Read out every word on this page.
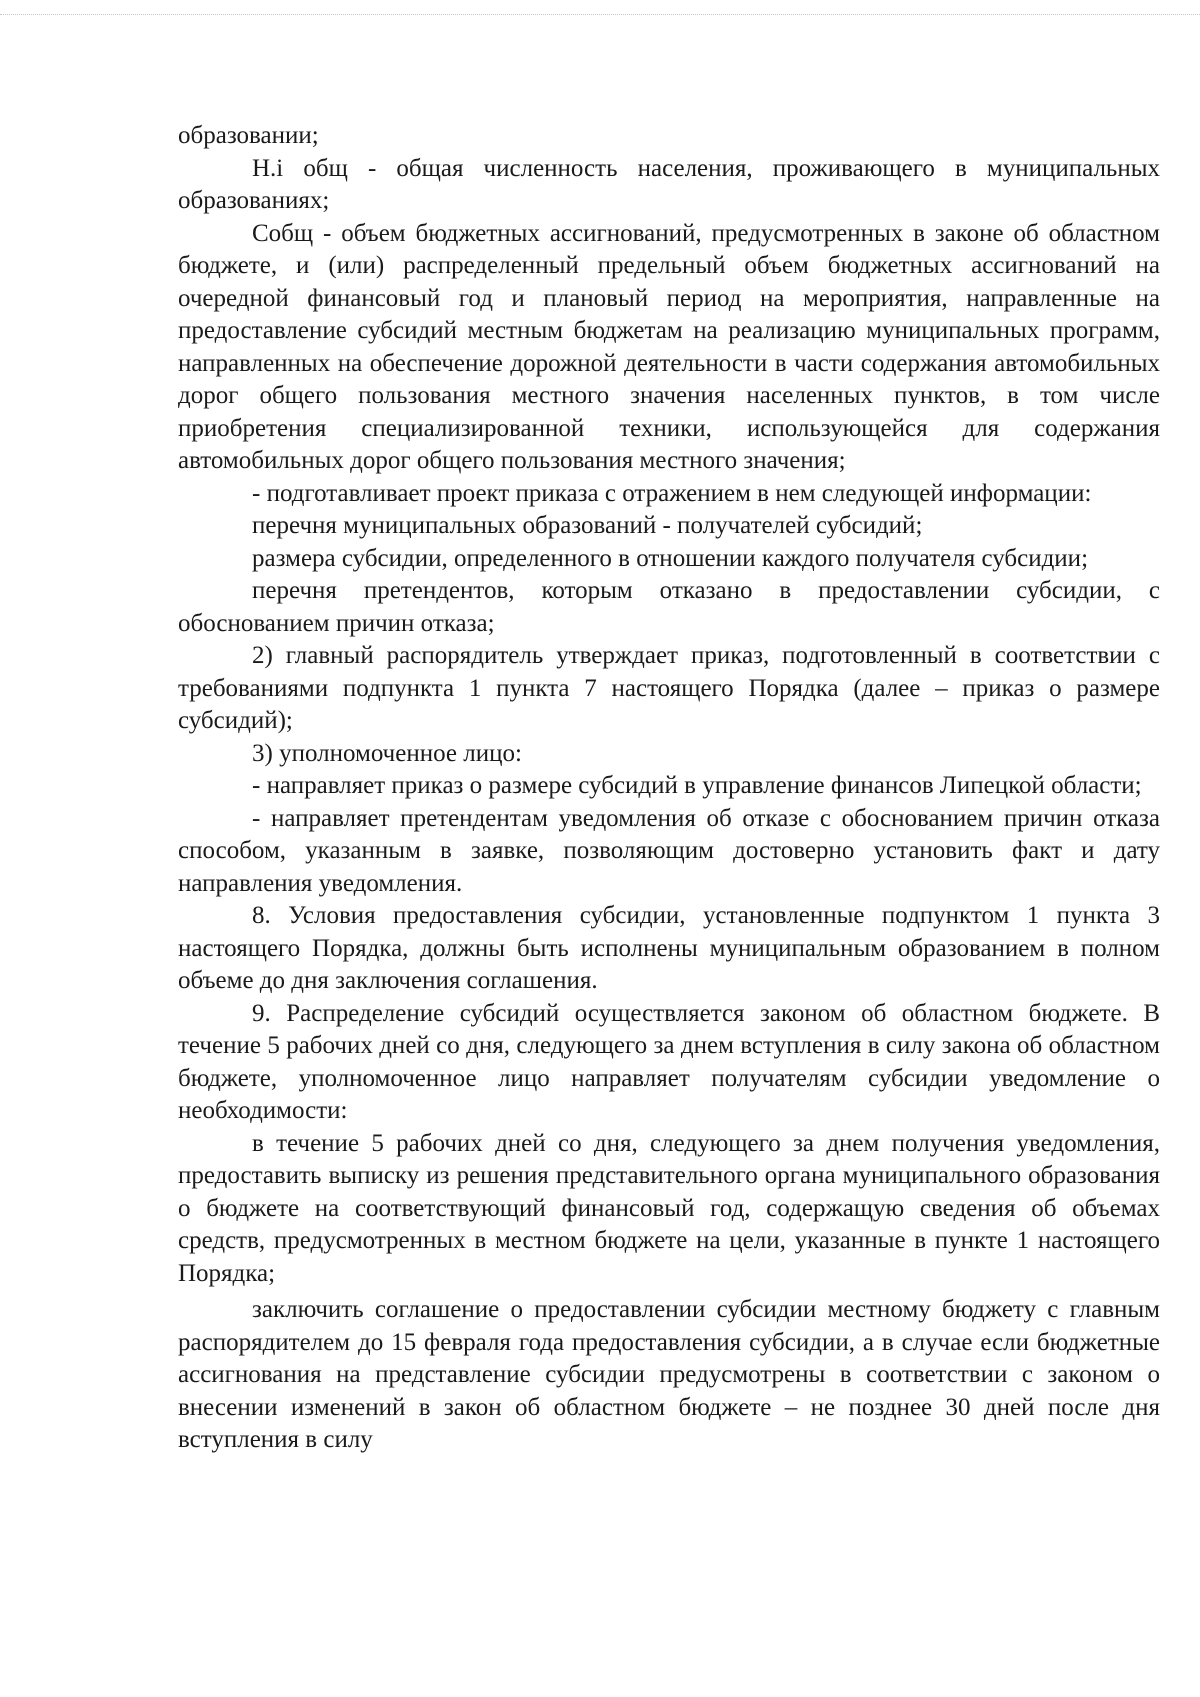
образовании;

H.i общ - общая численность населения, проживающего в муниципальных образованиях;

Собщ - объем бюджетных ассигнований, предусмотренных в законе об областном бюджете, и (или) распределенный предельный объем бюджетных ассигнований на очередной финансовый год и плановый период на мероприятия, направленные на предоставление субсидий местным бюджетам на реализацию муниципальных программ, направленных на обеспечение дорожной деятельности в части содержания автомобильных дорог общего пользования местного значения населенных пунктов, в том числе приобретения специализированной техники, использующейся для содержания автомобильных дорог общего пользования местного значения;

- подготавливает проект приказа с отражением в нем следующей информации:

перечня муниципальных образований - получателей субсидий;

размера субсидии, определенного в отношении каждого получателя субсидии;

перечня претендентов, которым отказано в предоставлении субсидии, с обоснованием причин отказа;

2) главный распорядитель утверждает приказ, подготовленный в соответствии с требованиями подпункта 1 пункта 7 настоящего Порядка (далее – приказ о размере субсидий);

3) уполномоченное лицо:

- направляет приказ о размере субсидий в управление финансов Липецкой области;

- направляет претендентам уведомления об отказе с обоснованием причин отказа способом, указанным в заявке, позволяющим достоверно установить факт и дату направления уведомления.

8. Условия предоставления субсидии, установленные подпунктом 1 пункта 3 настоящего Порядка, должны быть исполнены муниципальным образованием в полном объеме до дня заключения соглашения.

9. Распределение субсидий осуществляется законом об областном бюджете. В течение 5 рабочих дней со дня, следующего за днем вступления в силу закона об областном бюджете, уполномоченное лицо направляет получателям субсидии уведомление о необходимости:

в течение 5 рабочих дней со дня, следующего за днем получения уведомления, предоставить выписку из решения представительного органа муниципального образования о бюджете на соответствующий финансовый год, содержащую сведения об объемах средств, предусмотренных в местном бюджете на цели, указанные в пункте 1 настоящего Порядка;

заключить соглашение о предоставлении субсидии местному бюджету с главным распорядителем до 15 февраля года предоставления субсидии, а в случае если бюджетные ассигнования на представление субсидии предусмотрены в соответствии с законом о внесении изменений в закон об областном бюджете – не позднее 30 дней после дня вступления в силу
